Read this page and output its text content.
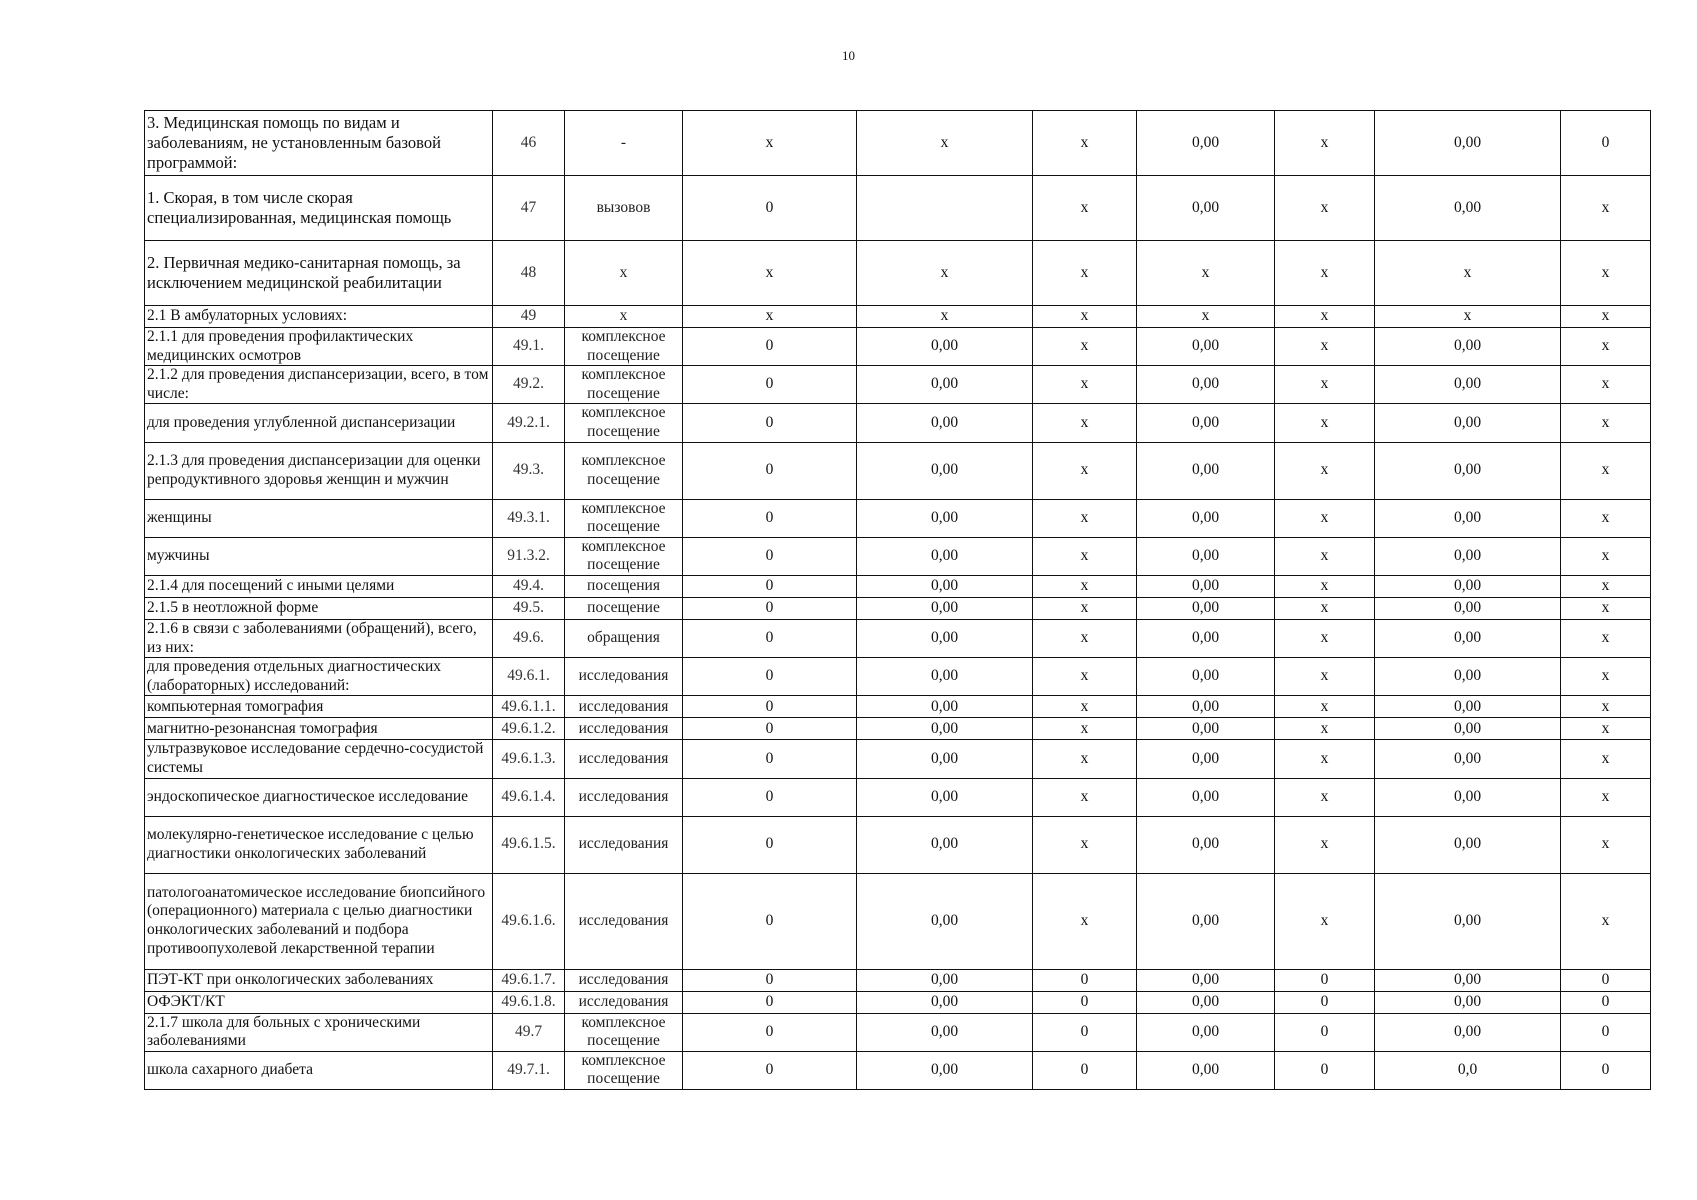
10
3. Медицинская помощь по видам и заболеваниям, не установленным базовой программой:	46	-	x	x	x	0,00	x	0,00	0
1. Скорая, в том числе скорая специализированная, медицинская помощь	47	вызовов	0		x	0,00	x	0,00	x
2. Первичная медико-санитарная помощь, за исключением медицинской реабилитации	48	x	x	x	x	x	x	x	x
2.1 В амбулаторных условиях:	49	x	x	x	x	x	x	x	x
2.1.1 для проведения профилактических медицинских осмотров	49.1.	комплексное посещение	0	0,00	x	0,00	x	0,00	x
2.1.2 для проведения диспансеризации, всего, в том числе:	49.2.	комплексное посещение	0	0,00	x	0,00	x	0,00	x
для проведения углубленной диспансеризации	49.2.1.	комплексное посещение	0	0,00	x	0,00	x	0,00	x
2.1.3 для проведения диспансеризации для оценки репродуктивного здоровья женщин и мужчин	49.3.	комплексное посещение	0	0,00	x	0,00	x	0,00	x
женщины	49.3.1.	комплексное посещение	0	0,00	x	0,00	x	0,00	x
мужчины	91.3.2.	комплексное посещение	0	0,00	x	0,00	x	0,00	x
2.1.4 для посещений с иными целями	49.4.	посещения	0	0,00	x	0,00	x	0,00	x
2.1.5 в неотложной форме	49.5.	посещение	0	0,00	x	0,00	x	0,00	x
2.1.6 в связи с заболеваниями (обращений), всего, из них:	49.6.	обращения	0	0,00	x	0,00	x	0,00	x
для проведения отдельных диагностических (лабораторных) исследований:	49.6.1.	исследования	0	0,00	x	0,00	x	0,00	x
компьютерная томография	49.6.1.1.	исследования	0	0,00	x	0,00	x	0,00	x
магнитно-резонансная томография	49.6.1.2.	исследования	0	0,00	x	0,00	x	0,00	x
ультразвуковое исследование сердечно-сосудистой системы	49.6.1.3.	исследования	0	0,00	x	0,00	x	0,00	x
эндоскопическое диагностическое исследование	49.6.1.4.	исследования	0	0,00	x	0,00	x	0,00	x
молекулярно-генетическое исследование с целью диагностики онкологических заболеваний	49.6.1.5.	исследования	0	0,00	x	0,00	x	0,00	x
патологоанатомическое исследование биопсийного (операционного) материала с целью диагностики онкологических заболеваний и подбора противоопухолевой лекарственной терапии	49.6.1.6.	исследования	0	0,00	x	0,00	x	0,00	x
ПЭТ-КТ при онкологических заболеваниях	49.6.1.7.	исследования	0	0,00	0	0,00	0	0,00	0
ОФЭКТ/КТ	49.6.1.8.	исследования	0	0,00	0	0,00	0	0,00	0
2.1.7 школа для больных с хроническими заболеваниями	49.7	комплексное посещение	0	0,00	0	0,00	0	0,00	0
школа сахарного диабета	49.7.1.	комплексное посещение	0	0,00	0	0,00	0	0,0	0
